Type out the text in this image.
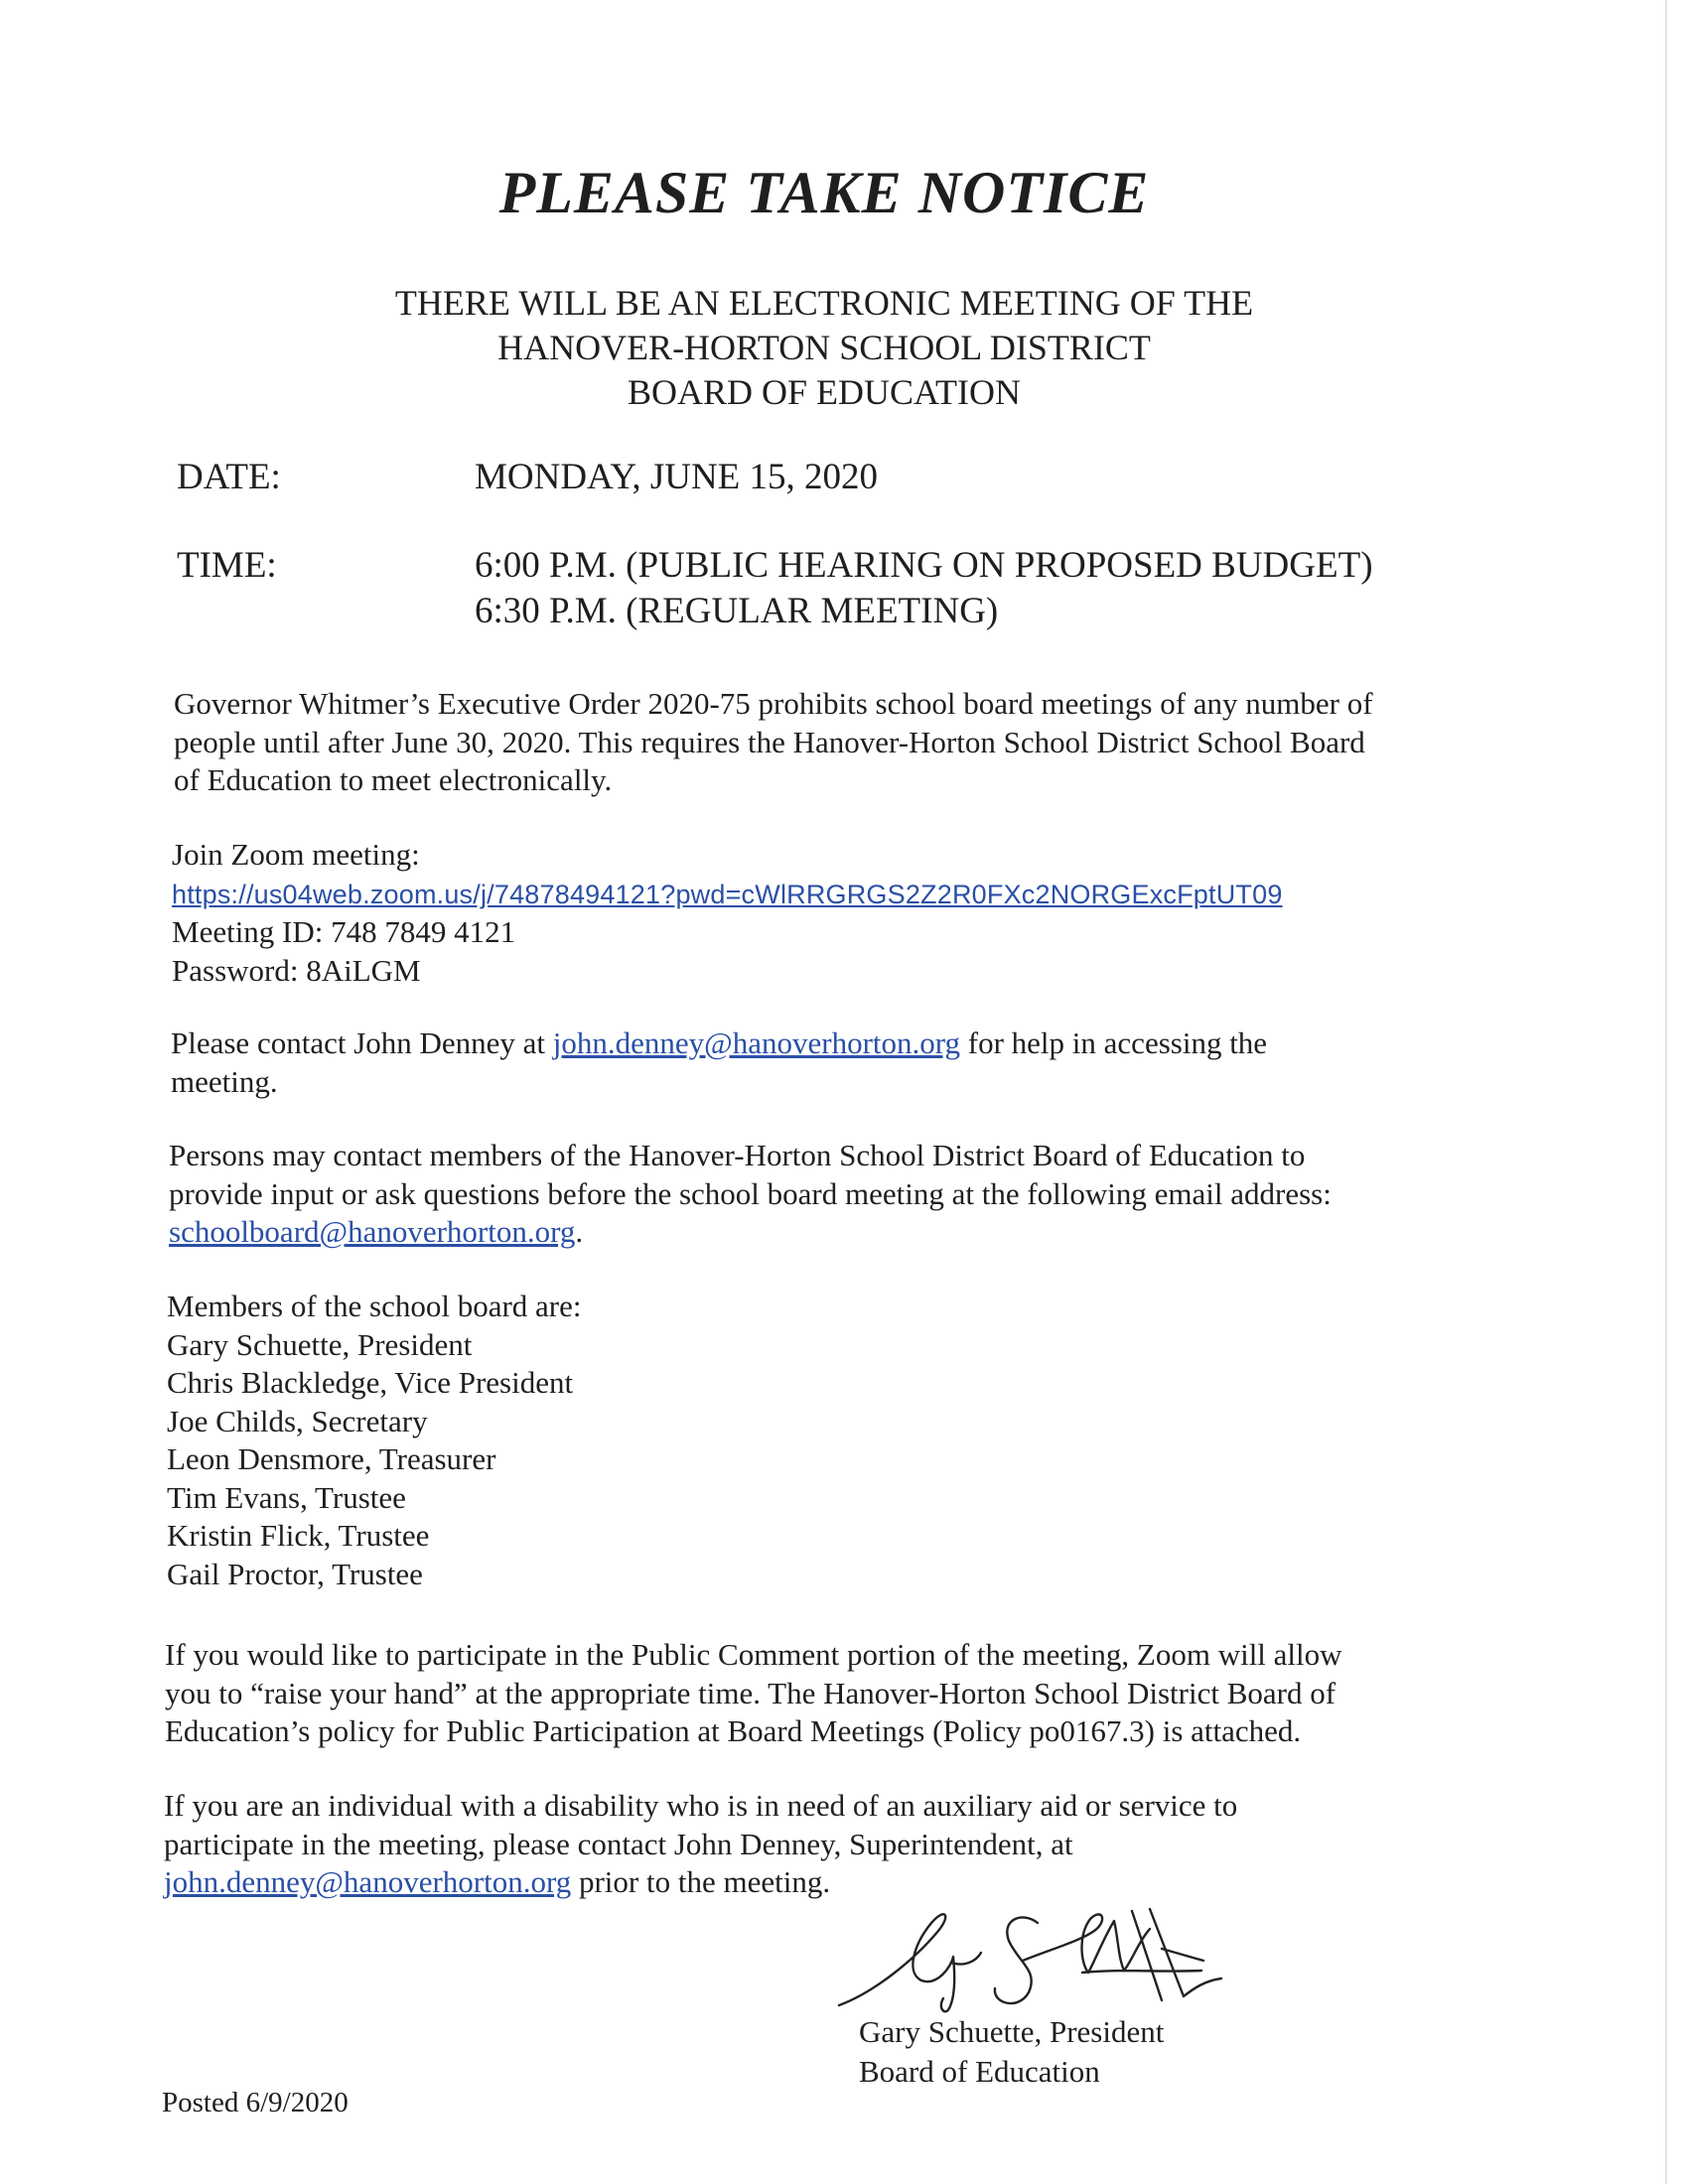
PLEASE TAKE NOTICE
THERE WILL BE AN ELECTRONIC MEETING OF THE
HANOVER-HORTON SCHOOL DISTRICT
BOARD OF EDUCATION
DATE:	MONDAY, JUNE 15, 2020
TIME:	6:00 P.M. (PUBLIC HEARING ON PROPOSED BUDGET)
6:30 P.M. (REGULAR MEETING)
Governor Whitmer’s Executive Order 2020-75 prohibits school board meetings of any number of
people until after June 30, 2020. This requires the Hanover-Horton School District School Board
of Education to meet electronically.
Join Zoom meeting:
https://us04web.zoom.us/j/74878494121?pwd=cWlRRGRGS2Z2R0FXc2NORGExcFptUT09
Meeting ID: 748 7849 4121
Password: 8AiLGM
Please contact John Denney at john.denney@hanoverhorton.org for help in accessing the
meeting.
Persons may contact members of the Hanover-Horton School District Board of Education to
provide input or ask questions before the school board meeting at the following email address:
schoolboard@hanoverhorton.org.
Members of the school board are:
Gary Schuette, President
Chris Blackledge, Vice President
Joe Childs, Secretary
Leon Densmore, Treasurer
Tim Evans, Trustee
Kristin Flick, Trustee
Gail Proctor, Trustee
If you would like to participate in the Public Comment portion of the meeting, Zoom will allow
you to “raise your hand” at the appropriate time. The Hanover-Horton School District Board of
Education’s policy for Public Participation at Board Meetings (Policy po0167.3) is attached.
If you are an individual with a disability who is in need of an auxiliary aid or service to
participate in the meeting, please contact John Denney, Superintendent, at
john.denney@hanoverhorton.org prior to the meeting.
Gary Schuette, President
Board of Education
Posted 6/9/2020
